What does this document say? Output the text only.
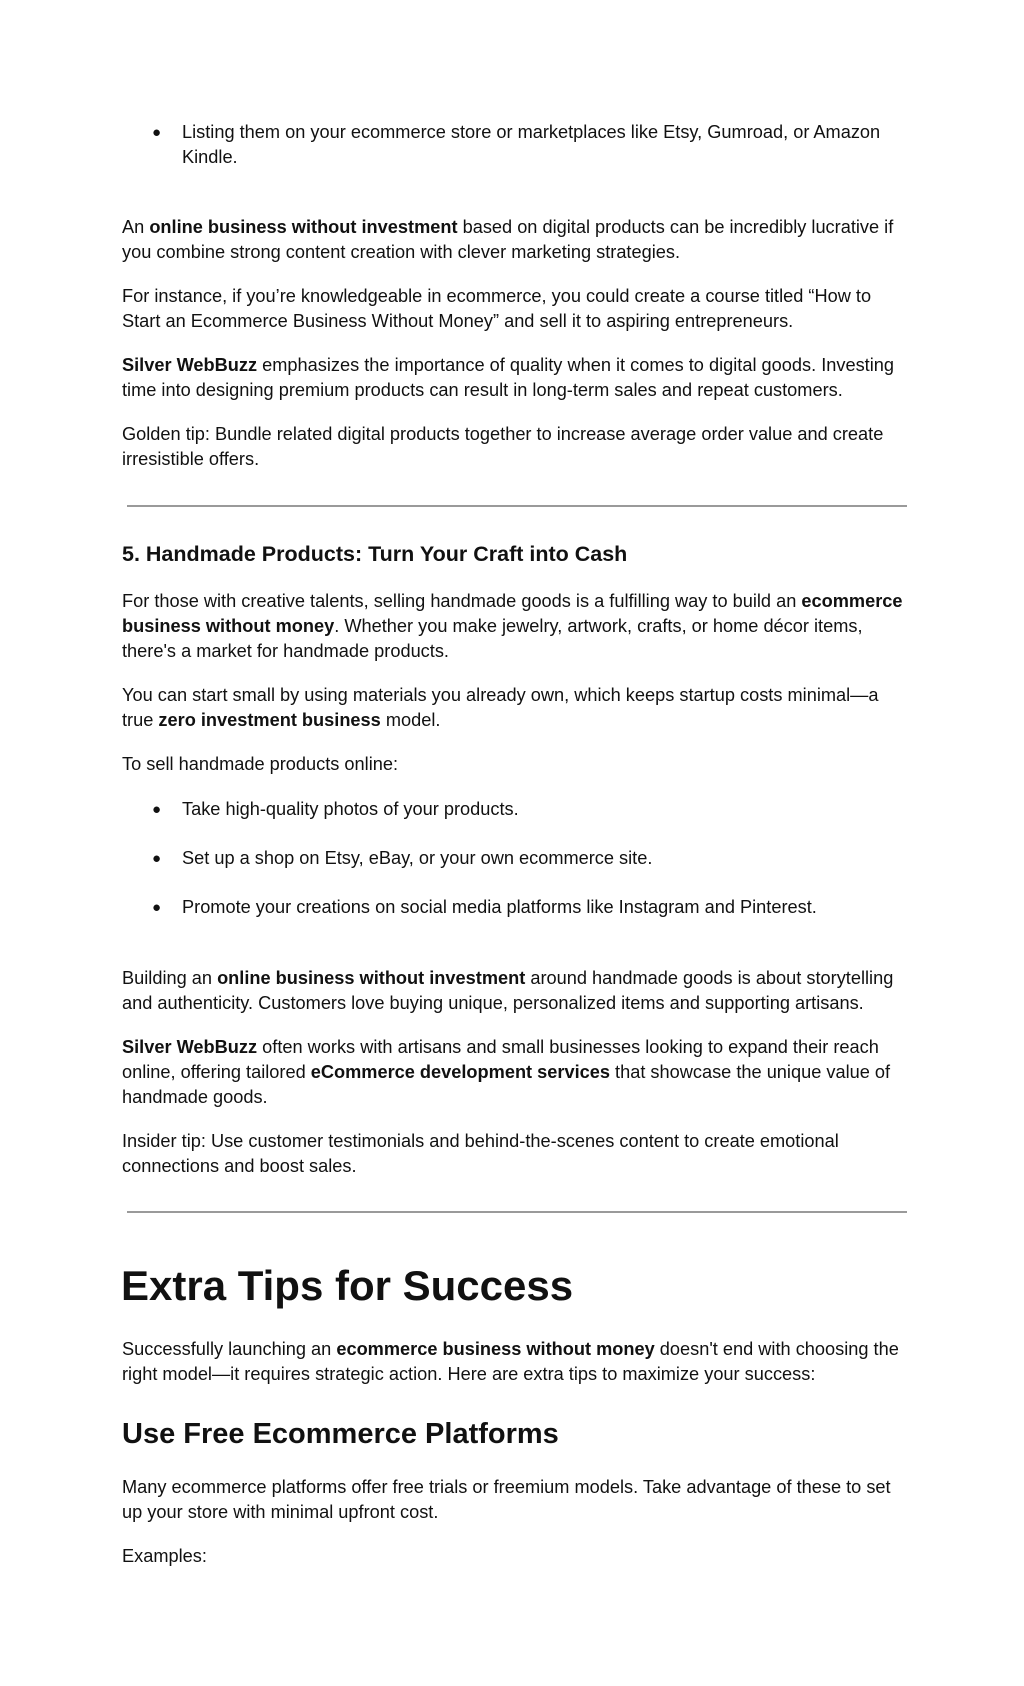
●	Listing them on your ecommerce store or marketplaces like Etsy, Gumroad, or Amazon Kindle.

An online business without investment based on digital products can be incredibly lucrative if you combine strong content creation with clever marketing strategies.

For instance, if you’re knowledgeable in ecommerce, you could create a course titled “How to Start an Ecommerce Business Without Money” and sell it to aspiring entrepreneurs.

Silver WebBuzz emphasizes the importance of quality when it comes to digital goods. Investing time into designing premium products can result in long-term sales and repeat customers.

Golden tip: Bundle related digital products together to increase average order value and create irresistible offers.

5. Handmade Products: Turn Your Craft into Cash

For those with creative talents, selling handmade goods is a fulfilling way to build an ecommerce business without money. Whether you make jewelry, artwork, crafts, or home décor items, there's a market for handmade products.

You can start small by using materials you already own, which keeps startup costs minimal—a true zero investment business model.

To sell handmade products online:

●	Take high-quality photos of your products.
●	Set up a shop on Etsy, eBay, or your own ecommerce site.
●	Promote your creations on social media platforms like Instagram and Pinterest.

Building an online business without investment around handmade goods is about storytelling and authenticity. Customers love buying unique, personalized items and supporting artisans.

Silver WebBuzz often works with artisans and small businesses looking to expand their reach online, offering tailored eCommerce development services that showcase the unique value of handmade goods.

Insider tip: Use customer testimonials and behind-the-scenes content to create emotional connections and boost sales.

Extra Tips for Success

Successfully launching an ecommerce business without money doesn't end with choosing the right model—it requires strategic action. Here are extra tips to maximize your success:

Use Free Ecommerce Platforms

Many ecommerce platforms offer free trials or freemium models. Take advantage of these to set up your store with minimal upfront cost.

Examples:
